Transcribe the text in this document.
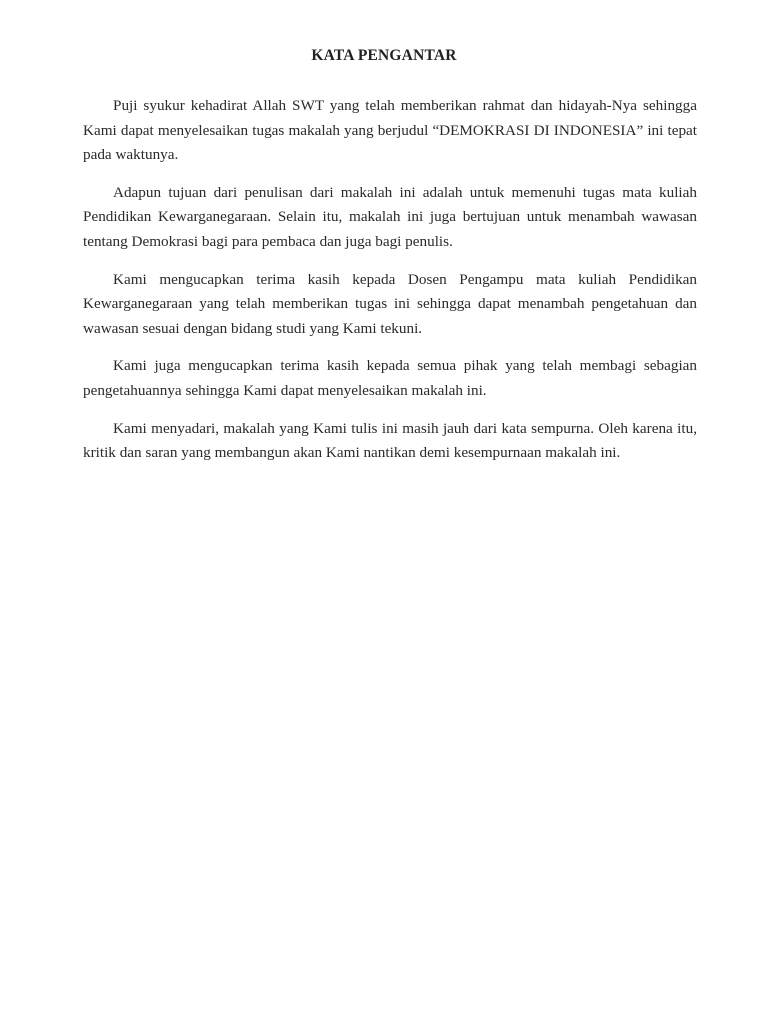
KATA PENGANTAR

Puji syukur kehadirat Allah SWT yang telah memberikan rahmat dan hidayah-Nya sehingga Kami dapat menyelesaikan tugas makalah yang berjudul “DEMOKRASI DI INDONESIA” ini tepat pada waktunya.

Adapun tujuan dari penulisan dari makalah ini adalah untuk memenuhi tugas mata kuliah Pendidikan Kewarganegaraan. Selain itu, makalah ini juga bertujuan untuk menambah wawasan tentang Demokrasi bagi para pembaca dan juga bagi penulis.

Kami mengucapkan terima kasih kepada Dosen Pengampu mata kuliah Pendidikan Kewarganegaraan yang telah memberikan tugas ini sehingga dapat menambah pengetahuan dan wawasan sesuai dengan bidang studi yang Kami tekuni.

Kami juga mengucapkan terima kasih kepada semua pihak yang telah membagi sebagian pengetahuannya sehingga Kami dapat menyelesaikan makalah ini.

Kami menyadari, makalah yang Kami tulis ini masih jauh dari kata sempurna. Oleh karena itu, kritik dan saran yang membangun akan Kami nantikan demi kesempurnaan makalah ini.
